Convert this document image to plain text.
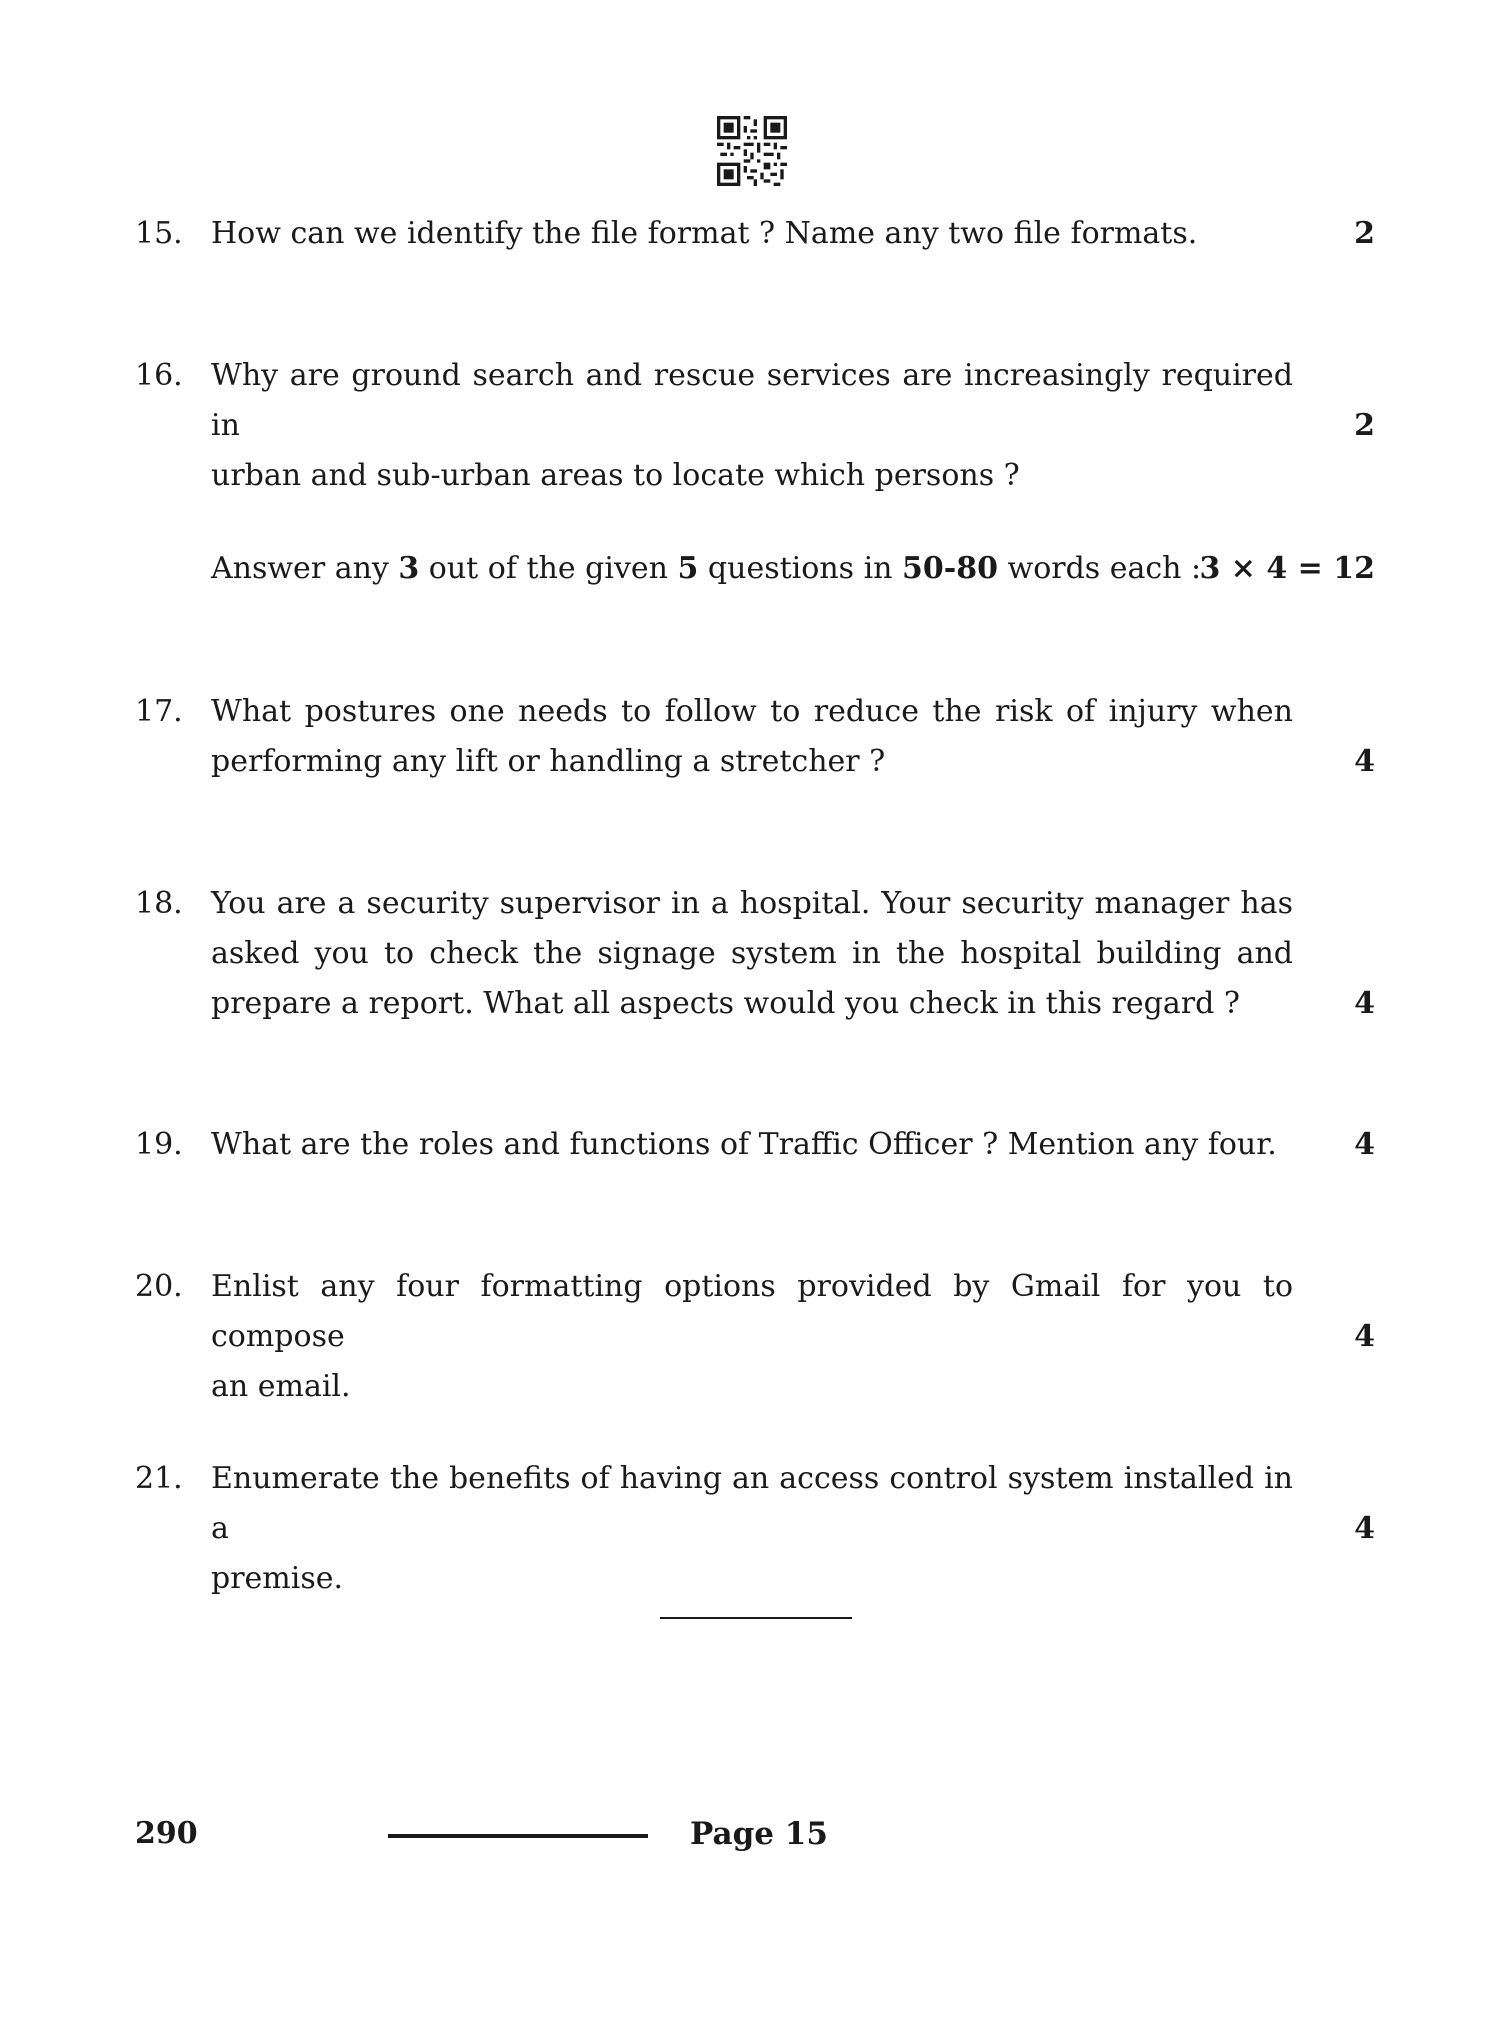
15. How can we identify the file format ? Name any two file formats.	2
16. Why are ground search and rescue services are increasingly required in
urban and sub-urban areas to locate which persons ?
2
Answer any 3 out of the given 5 questions in 50-80 words each :
3 × 4 = 12
17. What postures one needs to follow to reduce the risk of injury when
performing any lift or handling a stretcher ?	4
18. You are a security supervisor in a hospital. Your security manager has
asked you to check the signage system in the hospital building and
prepare a report. What all aspects would you check in this regard ?	4
19. What are the roles and functions of Traffic Officer ? Mention any four.	4
20. Enlist any four formatting options provided by Gmail for you to compose
an email.
4
21. Enumerate the benefits of having an access control system installed in a
premise.
4
290	Page 15
